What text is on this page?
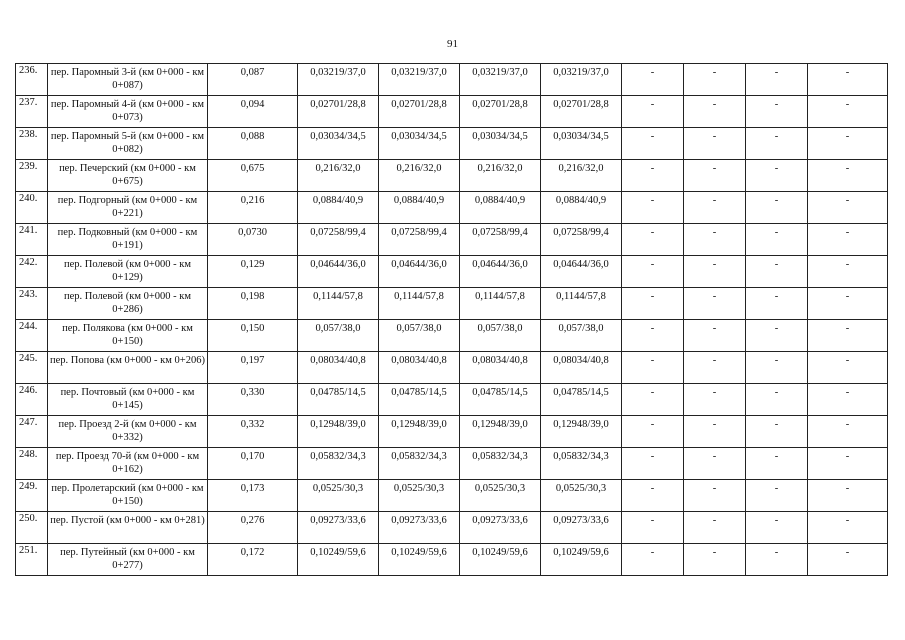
91
236.	пер. Паромный 3-й (км 0+000 - км 0+087)	0,087	0,03219/37,0	0,03219/37,0	0,03219/37,0	0,03219/37,0	-	-	-	-
237.	пер. Паромный 4-й (км 0+000 - км 0+073)	0,094	0,02701/28,8	0,02701/28,8	0,02701/28,8	0,02701/28,8	-	-	-	-
238.	пер. Паромный 5-й (км 0+000 - км 0+082)	0,088	0,03034/34,5	0,03034/34,5	0,03034/34,5	0,03034/34,5	-	-	-	-
239.	пер. Печерский (км 0+000 - км 0+675)	0,675	0,216/32,0	0,216/32,0	0,216/32,0	0,216/32,0	-	-	-	-
240.	пер. Подгорный (км 0+000 - км 0+221)	0,216	0,0884/40,9	0,0884/40,9	0,0884/40,9	0,0884/40,9	-	-	-	-
241.	пер. Подковный (км 0+000 - км 0+191)	0,0730	0,07258/99,4	0,07258/99,4	0,07258/99,4	0,07258/99,4	-	-	-	-
242.	пер. Полевой (км 0+000 - км 0+129)	0,129	0,04644/36,0	0,04644/36,0	0,04644/36,0	0,04644/36,0	-	-	-	-
243.	пер. Полевой (км 0+000 - км 0+286)	0,198	0,1144/57,8	0,1144/57,8	0,1144/57,8	0,1144/57,8	-	-	-	-
244.	пер. Полякова (км 0+000 - км 0+150)	0,150	0,057/38,0	0,057/38,0	0,057/38,0	0,057/38,0	-	-	-	-
245.	пер. Попова (км 0+000 - км 0+206)	0,197	0,08034/40,8	0,08034/40,8	0,08034/40,8	0,08034/40,8	-	-	-	-
246.	пер. Почтовый (км 0+000 - км 0+145)	0,330	0,04785/14,5	0,04785/14,5	0,04785/14,5	0,04785/14,5	-	-	-	-
247.	пер. Проезд 2-й (км 0+000 - км 0+332)	0,332	0,12948/39,0	0,12948/39,0	0,12948/39,0	0,12948/39,0	-	-	-	-
248.	пер. Проезд 70-й (км 0+000 - км 0+162)	0,170	0,05832/34,3	0,05832/34,3	0,05832/34,3	0,05832/34,3	-	-	-	-
249.	пер. Пролетарский (км 0+000 - км 0+150)	0,173	0,0525/30,3	0,0525/30,3	0,0525/30,3	0,0525/30,3	-	-	-	-
250.	пер. Пустой (км 0+000 - км 0+281)	0,276	0,09273/33,6	0,09273/33,6	0,09273/33,6	0,09273/33,6	-	-	-	-
251.	пер. Путейный (км 0+000 - км 0+277)	0,172	0,10249/59,6	0,10249/59,6	0,10249/59,6	0,10249/59,6	-	-	-	-
